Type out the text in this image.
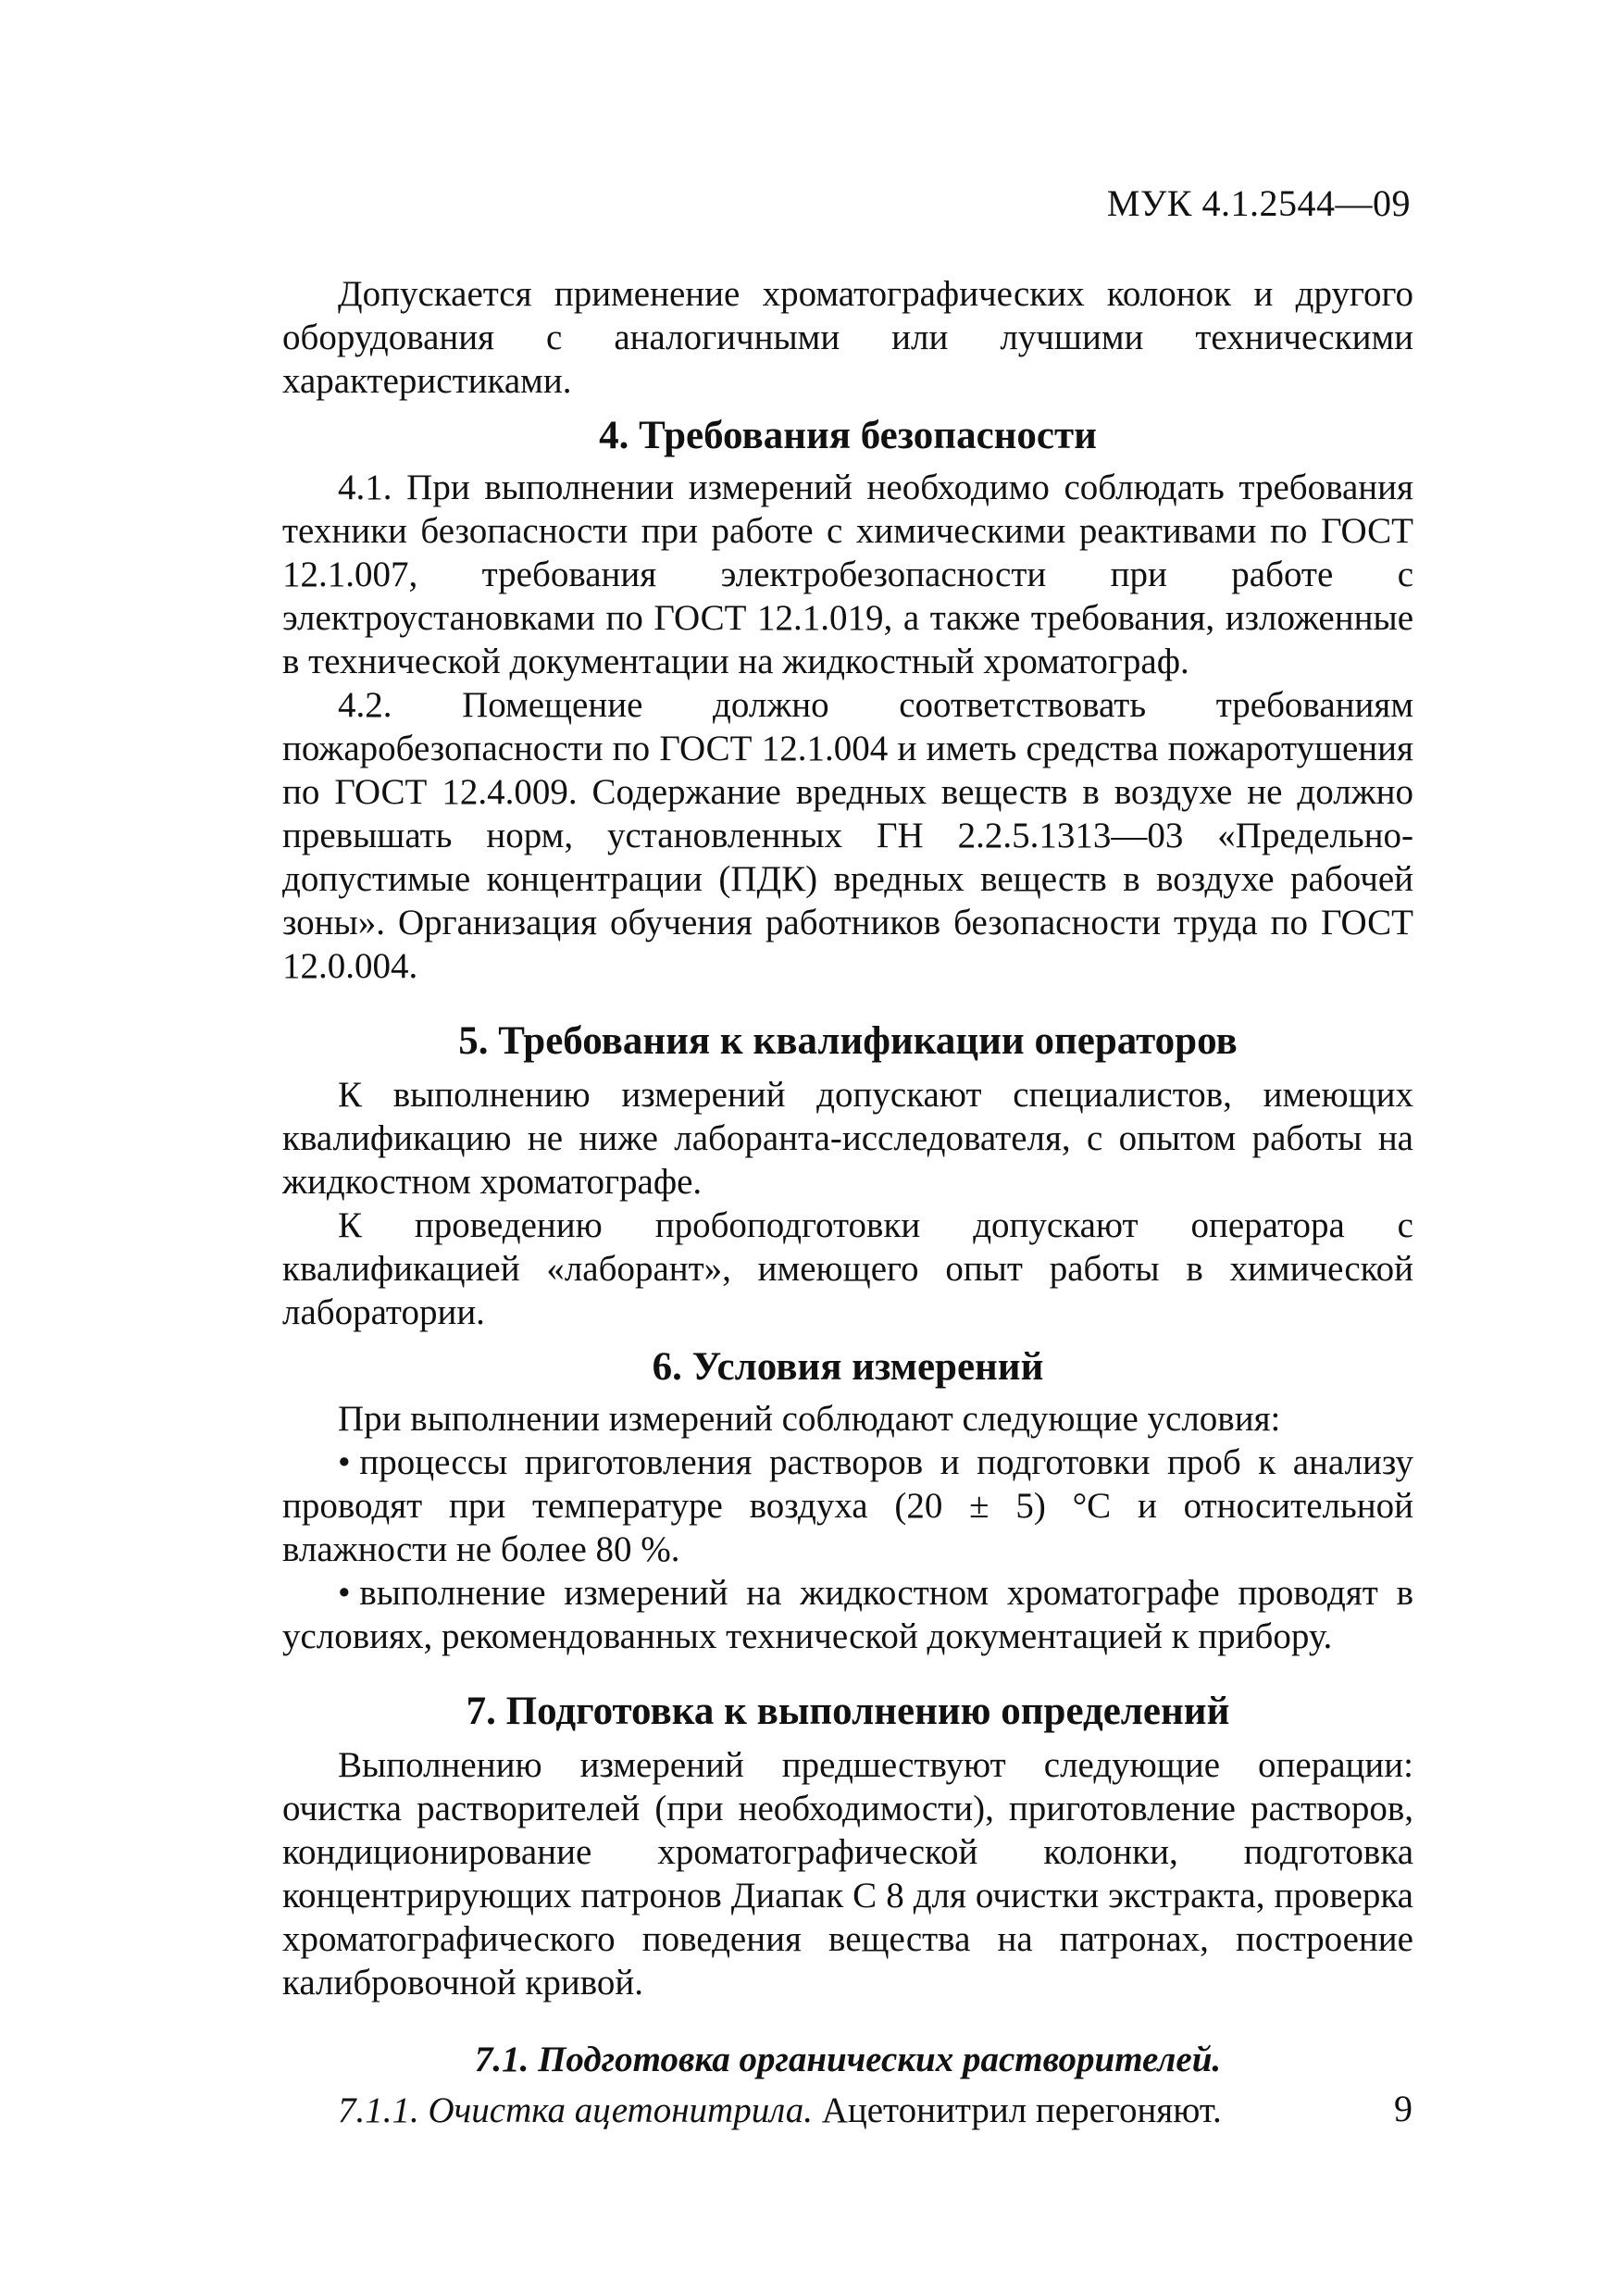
МУК 4.1.2544—09

Допускается применение хроматографических колонок и другого оборудования с аналогичными или лучшими техническими характеристиками.

4. Требования безопасности

4.1. При выполнении измерений необходимо соблюдать требования техники безопасности при работе с химическими реактивами по ГОСТ 12.1.007, требования электробезопасности при работе с электроустановками по ГОСТ 12.1.019, а также требования, изложенные в технической документации на жидкостный хроматограф.

4.2. Помещение должно соответствовать требованиям пожаробезопасности по ГОСТ 12.1.004 и иметь средства пожаротушения по ГОСТ 12.4.009. Содержание вредных веществ в воздухе не должно превышать норм, установленных ГН 2.2.5.1313—03 «Предельно-допустимые концентрации (ПДК) вредных веществ в воздухе рабочей зоны». Организация обучения работников безопасности труда по ГОСТ 12.0.004.

5. Требования к квалификации операторов

К выполнению измерений допускают специалистов, имеющих квалификацию не ниже лаборанта-исследователя, с опытом работы на жидкостном хроматографе.

К проведению пробоподготовки допускают оператора с квалификацией «лаборант», имеющего опыт работы в химической лаборатории.

6. Условия измерений

При выполнении измерений соблюдают следующие условия:

• процессы приготовления растворов и подготовки проб к анализу проводят при температуре воздуха (20 ± 5) °С и относительной влажности не более 80 %.

• выполнение измерений на жидкостном хроматографе проводят в условиях, рекомендованных технической документацией к прибору.

7. Подготовка к выполнению определений

Выполнению измерений предшествуют следующие операции: очистка растворителей (при необходимости), приготовление растворов, кондиционирование хроматографической колонки, подготовка концентрирующих патронов Диапак С 8 для очистки экстракта, проверка хроматографического поведения вещества на патронах, построение калибровочной кривой.

7.1. Подготовка органических растворителей.

7.1.1. Очистка ацетонитрила. Ацетонитрил перегоняют.	9
